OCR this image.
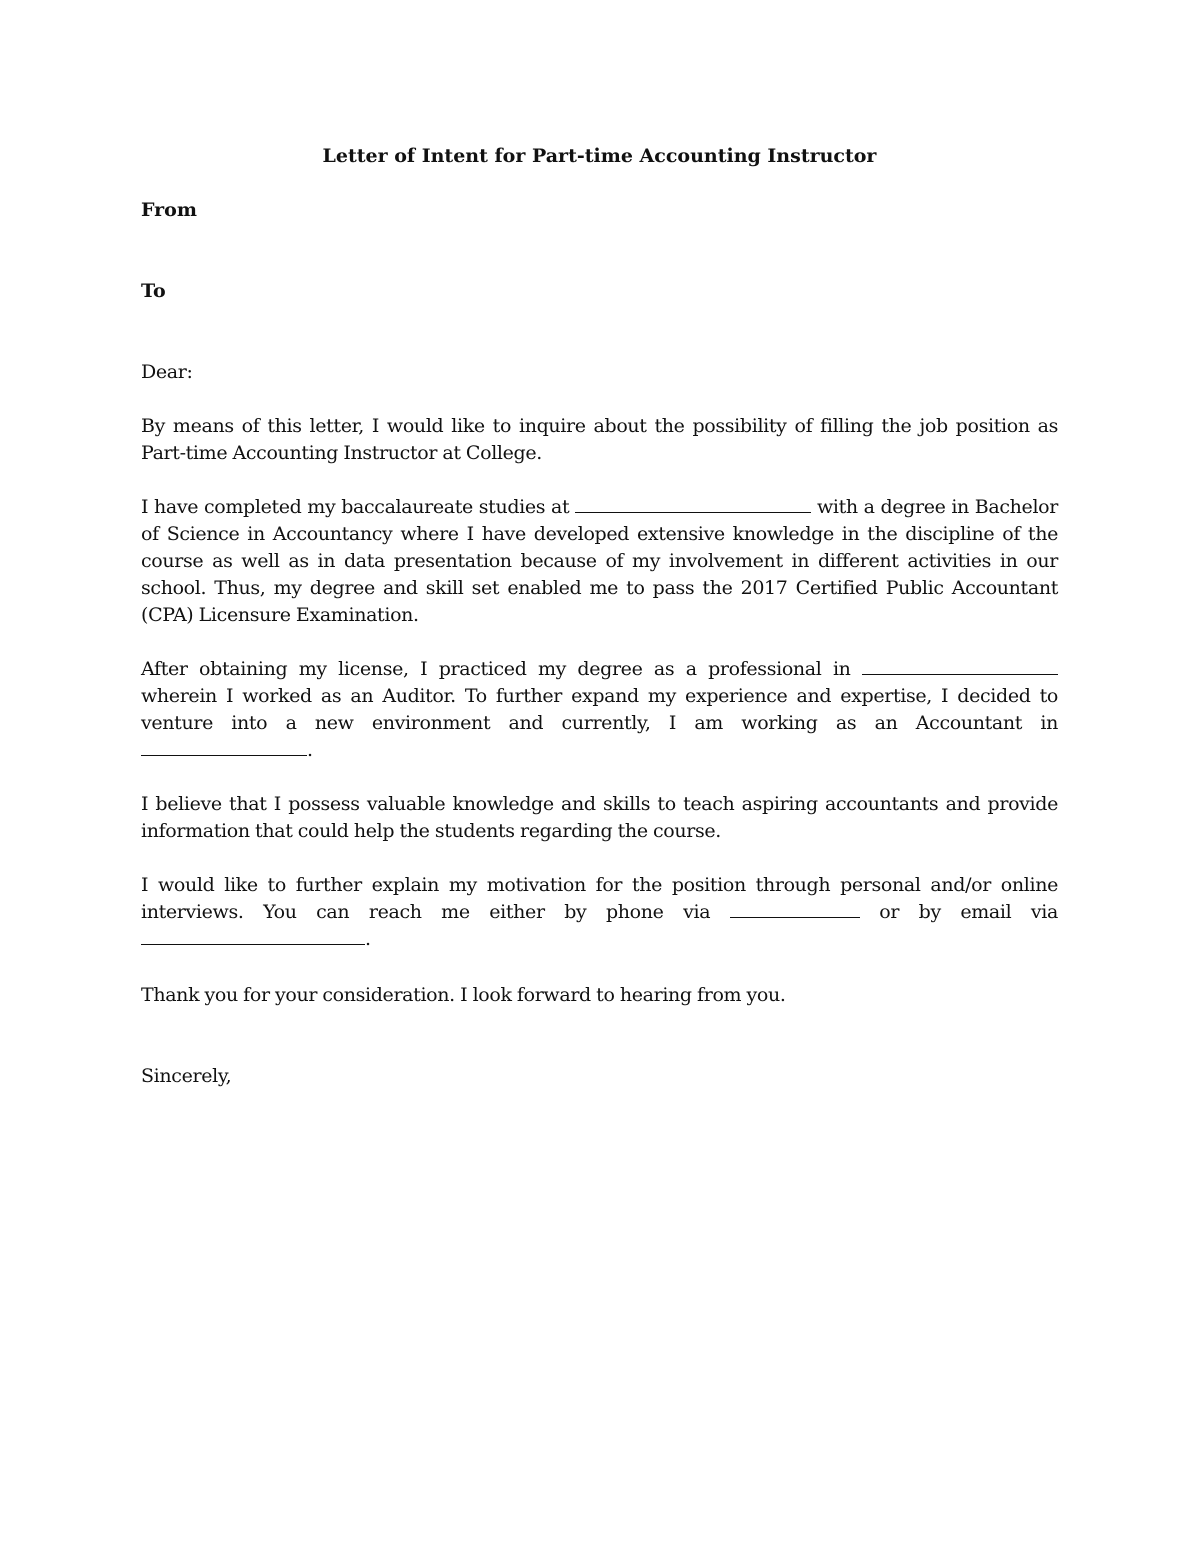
Letter of Intent for Part-time Accounting Instructor

From

To

Dear:

By means of this letter, I would like to inquire about the possibility of filling the job position as Part-time Accounting Instructor at College.

I have completed my baccalaureate studies at	with a degree in Bachelor of Science in Accountancy where I have developed extensive knowledge in the discipline of the course as well as in data presentation because of my involvement in different activities in our school. Thus, my degree and skill set enabled me to pass the 2017 Certified Public Accountant (CPA) Licensure Examination.

After obtaining my license, I practiced my degree as a professional in
wherein I worked as an Auditor. To further expand my experience and expertise, I decided to
venture into a new environment and currently, I am working as an Accountant in
.

I believe that I possess valuable knowledge and skills to teach aspiring accountants and provide information that could help the students regarding the course.

I would like to further explain my motivation for the position through personal and/or online
interviews. You can reach me either by phone via	or by email via
.

Thank you for your consideration. I look forward to hearing from you.

Sincerely,
